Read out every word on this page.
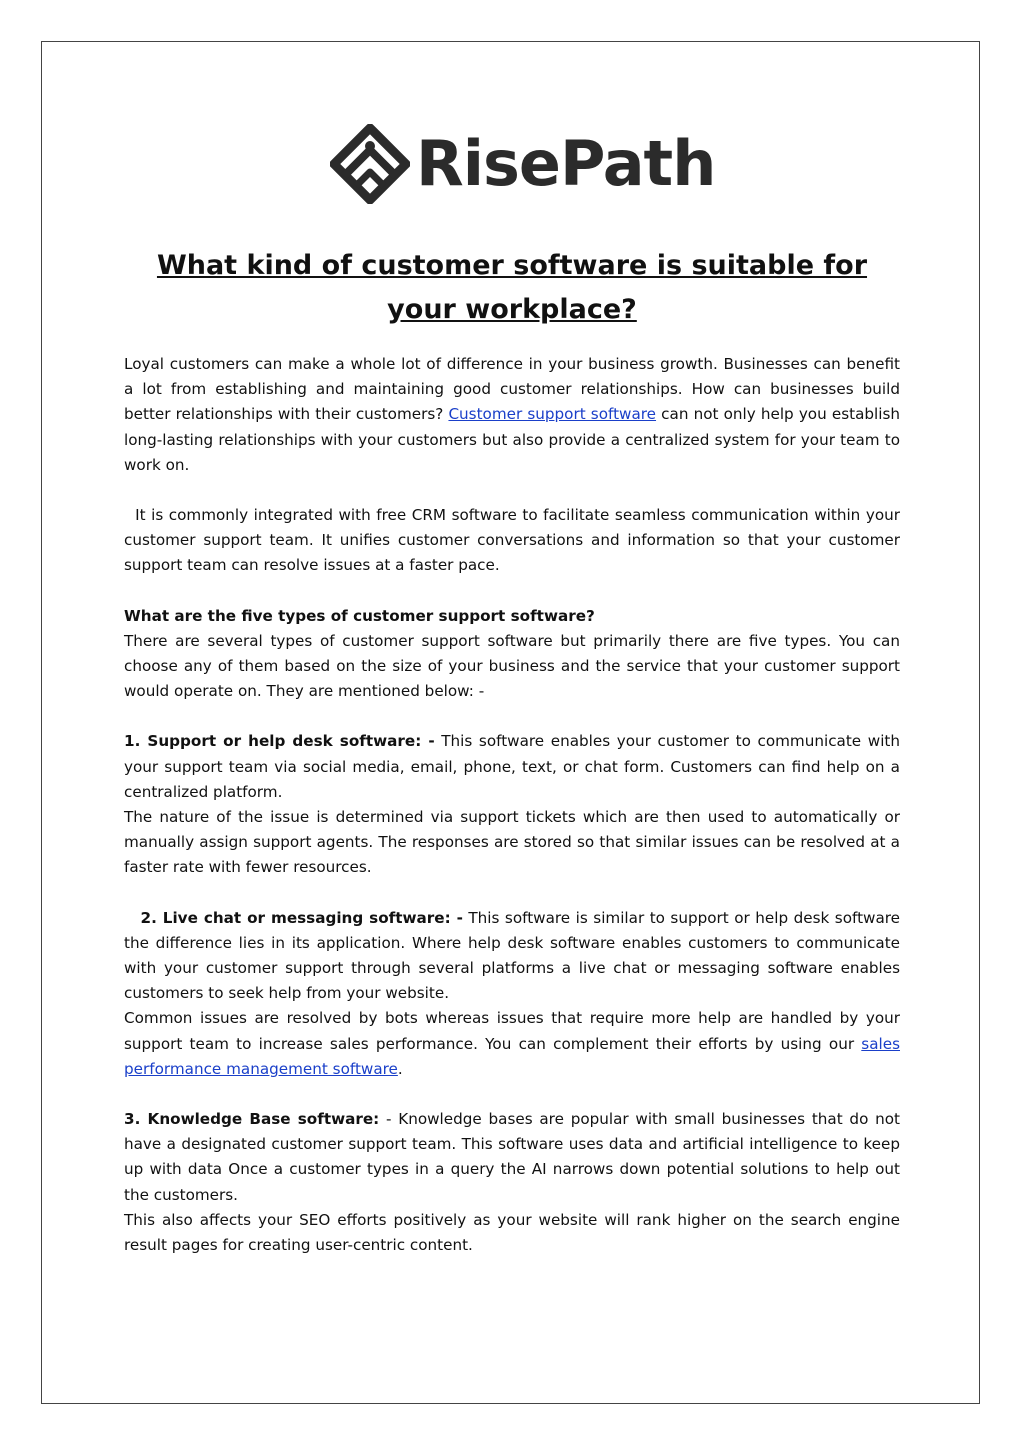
RisePath
What kind of customer software is suitable for your workplace?

Loyal customers can make a whole lot of difference in your business growth. Businesses can benefit a lot from establishing and maintaining good customer relationships. How can businesses build better relationships with their customers? Customer support software can not only help you establish long-lasting relationships with your customers but also provide a centralized system for your team to work on.

It is commonly integrated with free CRM software to facilitate seamless communication within your customer support team. It unifies customer conversations and information so that your customer support team can resolve issues at a faster pace.

What are the five types of customer support software?

There are several types of customer support software but primarily there are five types. You can choose any of them based on the size of your business and the service that your customer support would operate on. They are mentioned below: -

1. Support or help desk software: - This software enables your customer to communicate with your support team via social media, email, phone, text, or chat form. Customers can find help on a centralized platform.

The nature of the issue is determined via support tickets which are then used to automatically or manually assign support agents. The responses are stored so that similar issues can be resolved at a faster rate with fewer resources.

2. Live chat or messaging software: - This software is similar to support or help desk software the difference lies in its application. Where help desk software enables customers to communicate with your customer support through several platforms a live chat or messaging software enables customers to seek help from your website.

Common issues are resolved by bots whereas issues that require more help are handled by your support team to increase sales performance. You can complement their efforts by using our sales performance management software.

3. Knowledge Base software: - Knowledge bases are popular with small businesses that do not have a designated customer support team. This software uses data and artificial intelligence to keep up with data Once a customer types in a query the AI narrows down potential solutions to help out the customers.

This also affects your SEO efforts positively as your website will rank higher on the search engine result pages for creating user-centric content.
